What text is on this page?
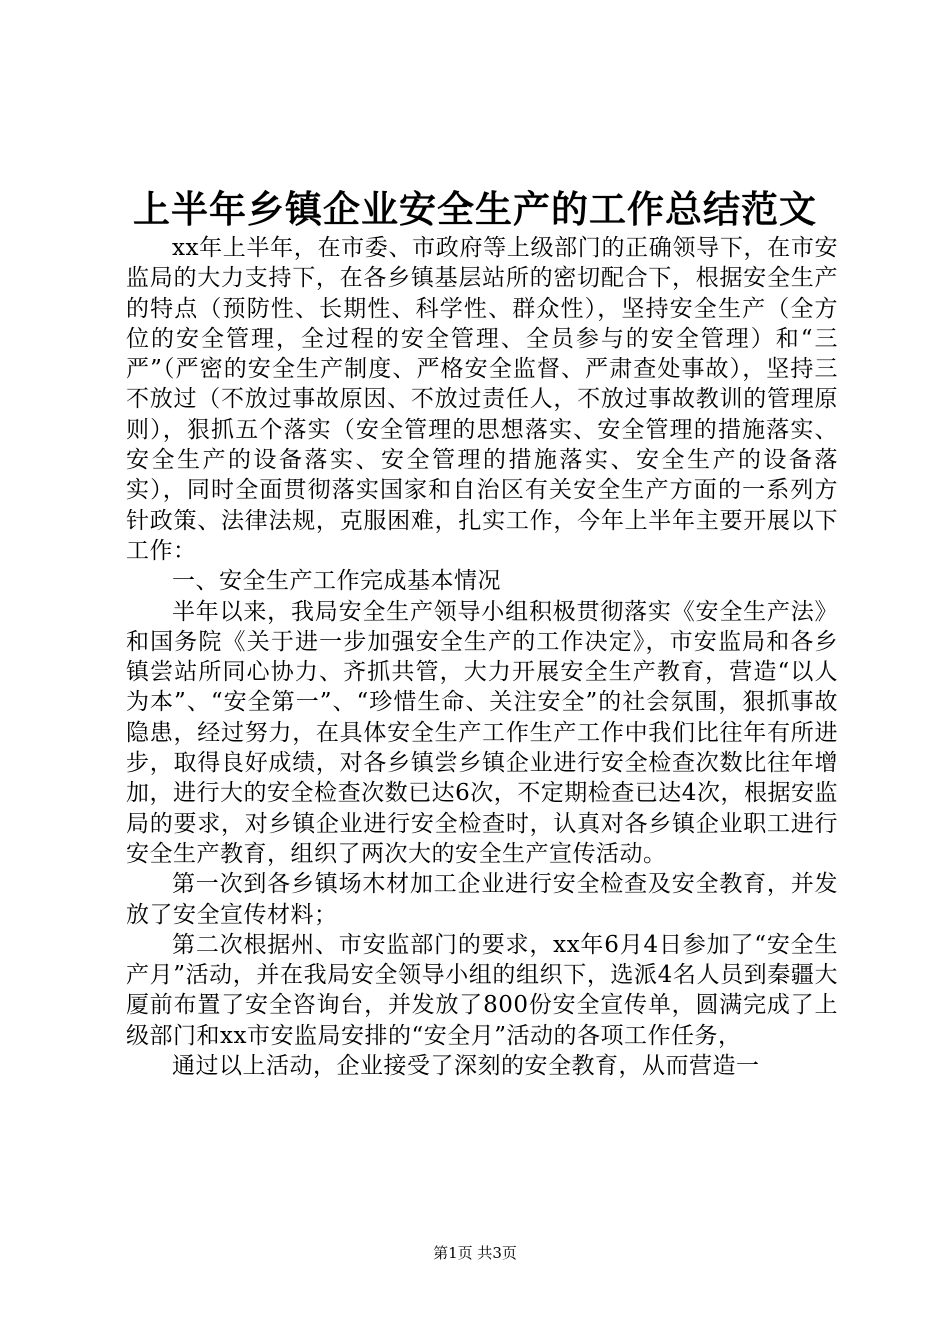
上半年乡镇企业安全生产的工作总结范文

xx年上半年，在市委、市政府等上级部门的正确领导下，在市安监局的大力支持下，在各乡镇基层站所的密切配合下，根据安全生产的特点（预防性、长期性、科学性、群众性），坚持安全生产（全方位的安全管理，全过程的安全管理、全员参与的安全管理）和“三严”（严密的安全生产制度、严格安全监督、严肃查处事故），坚持三不放过（不放过事故原因、不放过责任人，不放过事故教训的管理原则），狠抓五个落实（安全管理的思想落实、安全管理的措施落实、安全生产的设备落实、安全管理的措施落实、安全生产的设备落实），同时全面贯彻落实国家和自治区有关安全生产方面的一系列方针政策、法律法规，克服困难，扎实工作，今年上半年主要开展以下工作：

一、安全生产工作完成基本情况

半年以来，我局安全生产领导小组积极贯彻落实《安全生产法》和国务院《关于进一步加强安全生产的工作决定》，市安监局和各乡镇尝站所同心协力、齐抓共管，大力开展安全生产教育，营造“以人为本”、“安全第一”、“珍惜生命、关注安全”的社会氛围，狠抓事故隐患，经过努力，在具体安全生产工作生产工作中我们比往年有所进步，取得良好成绩，对各乡镇尝乡镇企业进行安全检查次数比往年增加，进行大的安全检查次数已达6次，不定期检查已达4次，根据安监局的要求，对乡镇企业进行安全检查时，认真对各乡镇企业职工进行安全生产教育，组织了两次大的安全生产宣传活动。

第一次到各乡镇场木材加工企业进行安全检查及安全教育，并发放了安全宣传材料；

第二次根据州、市安监部门的要求，xx年6月4日参加了“安全生产月”活动，并在我局安全领导小组的组织下，选派4名人员到秦疆大厦前布置了安全咨询台，并发放了800份安全宣传单，圆满完成了上级部门和xx市安监局安排的“安全月”活动的各项工作任务，

通过以上活动，企业接受了深刻的安全教育，从而营造一

第1页 共3页
